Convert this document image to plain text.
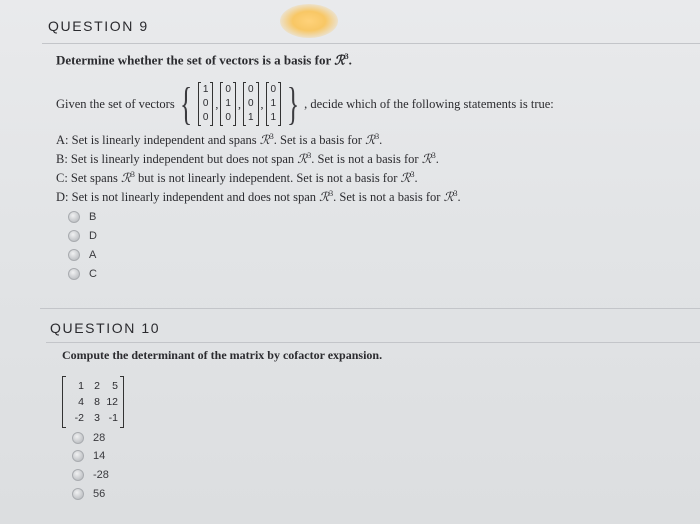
QUESTION 9
Determine whether the set of vectors is a basis for ℛ$^3$.
Given the set of vectors { 1
0
0
,
0
1
0
,
0
0
1
,
0
1
1 } , decide which of the following statements is true:
A: Set is linearly independent and spans ℛ$^3$. Set is a basis for ℛ$^3$.
B: Set is linearly independent but does not span ℛ$^3$. Set is not a basis for ℛ$^3$.
C: Set spans ℛ$^3$ but is not linearly independent. Set is not a basis for ℛ$^3$.
D: Set is not linearly independent and does not span ℛ$^3$. Set is not a basis for ℛ$^3$.
B
D
A
C
QUESTION 10
Compute the determinant of the matrix by cofactor expansion.
1 2	5
4 8 12
-2 3 -1
28
14
-28
56
